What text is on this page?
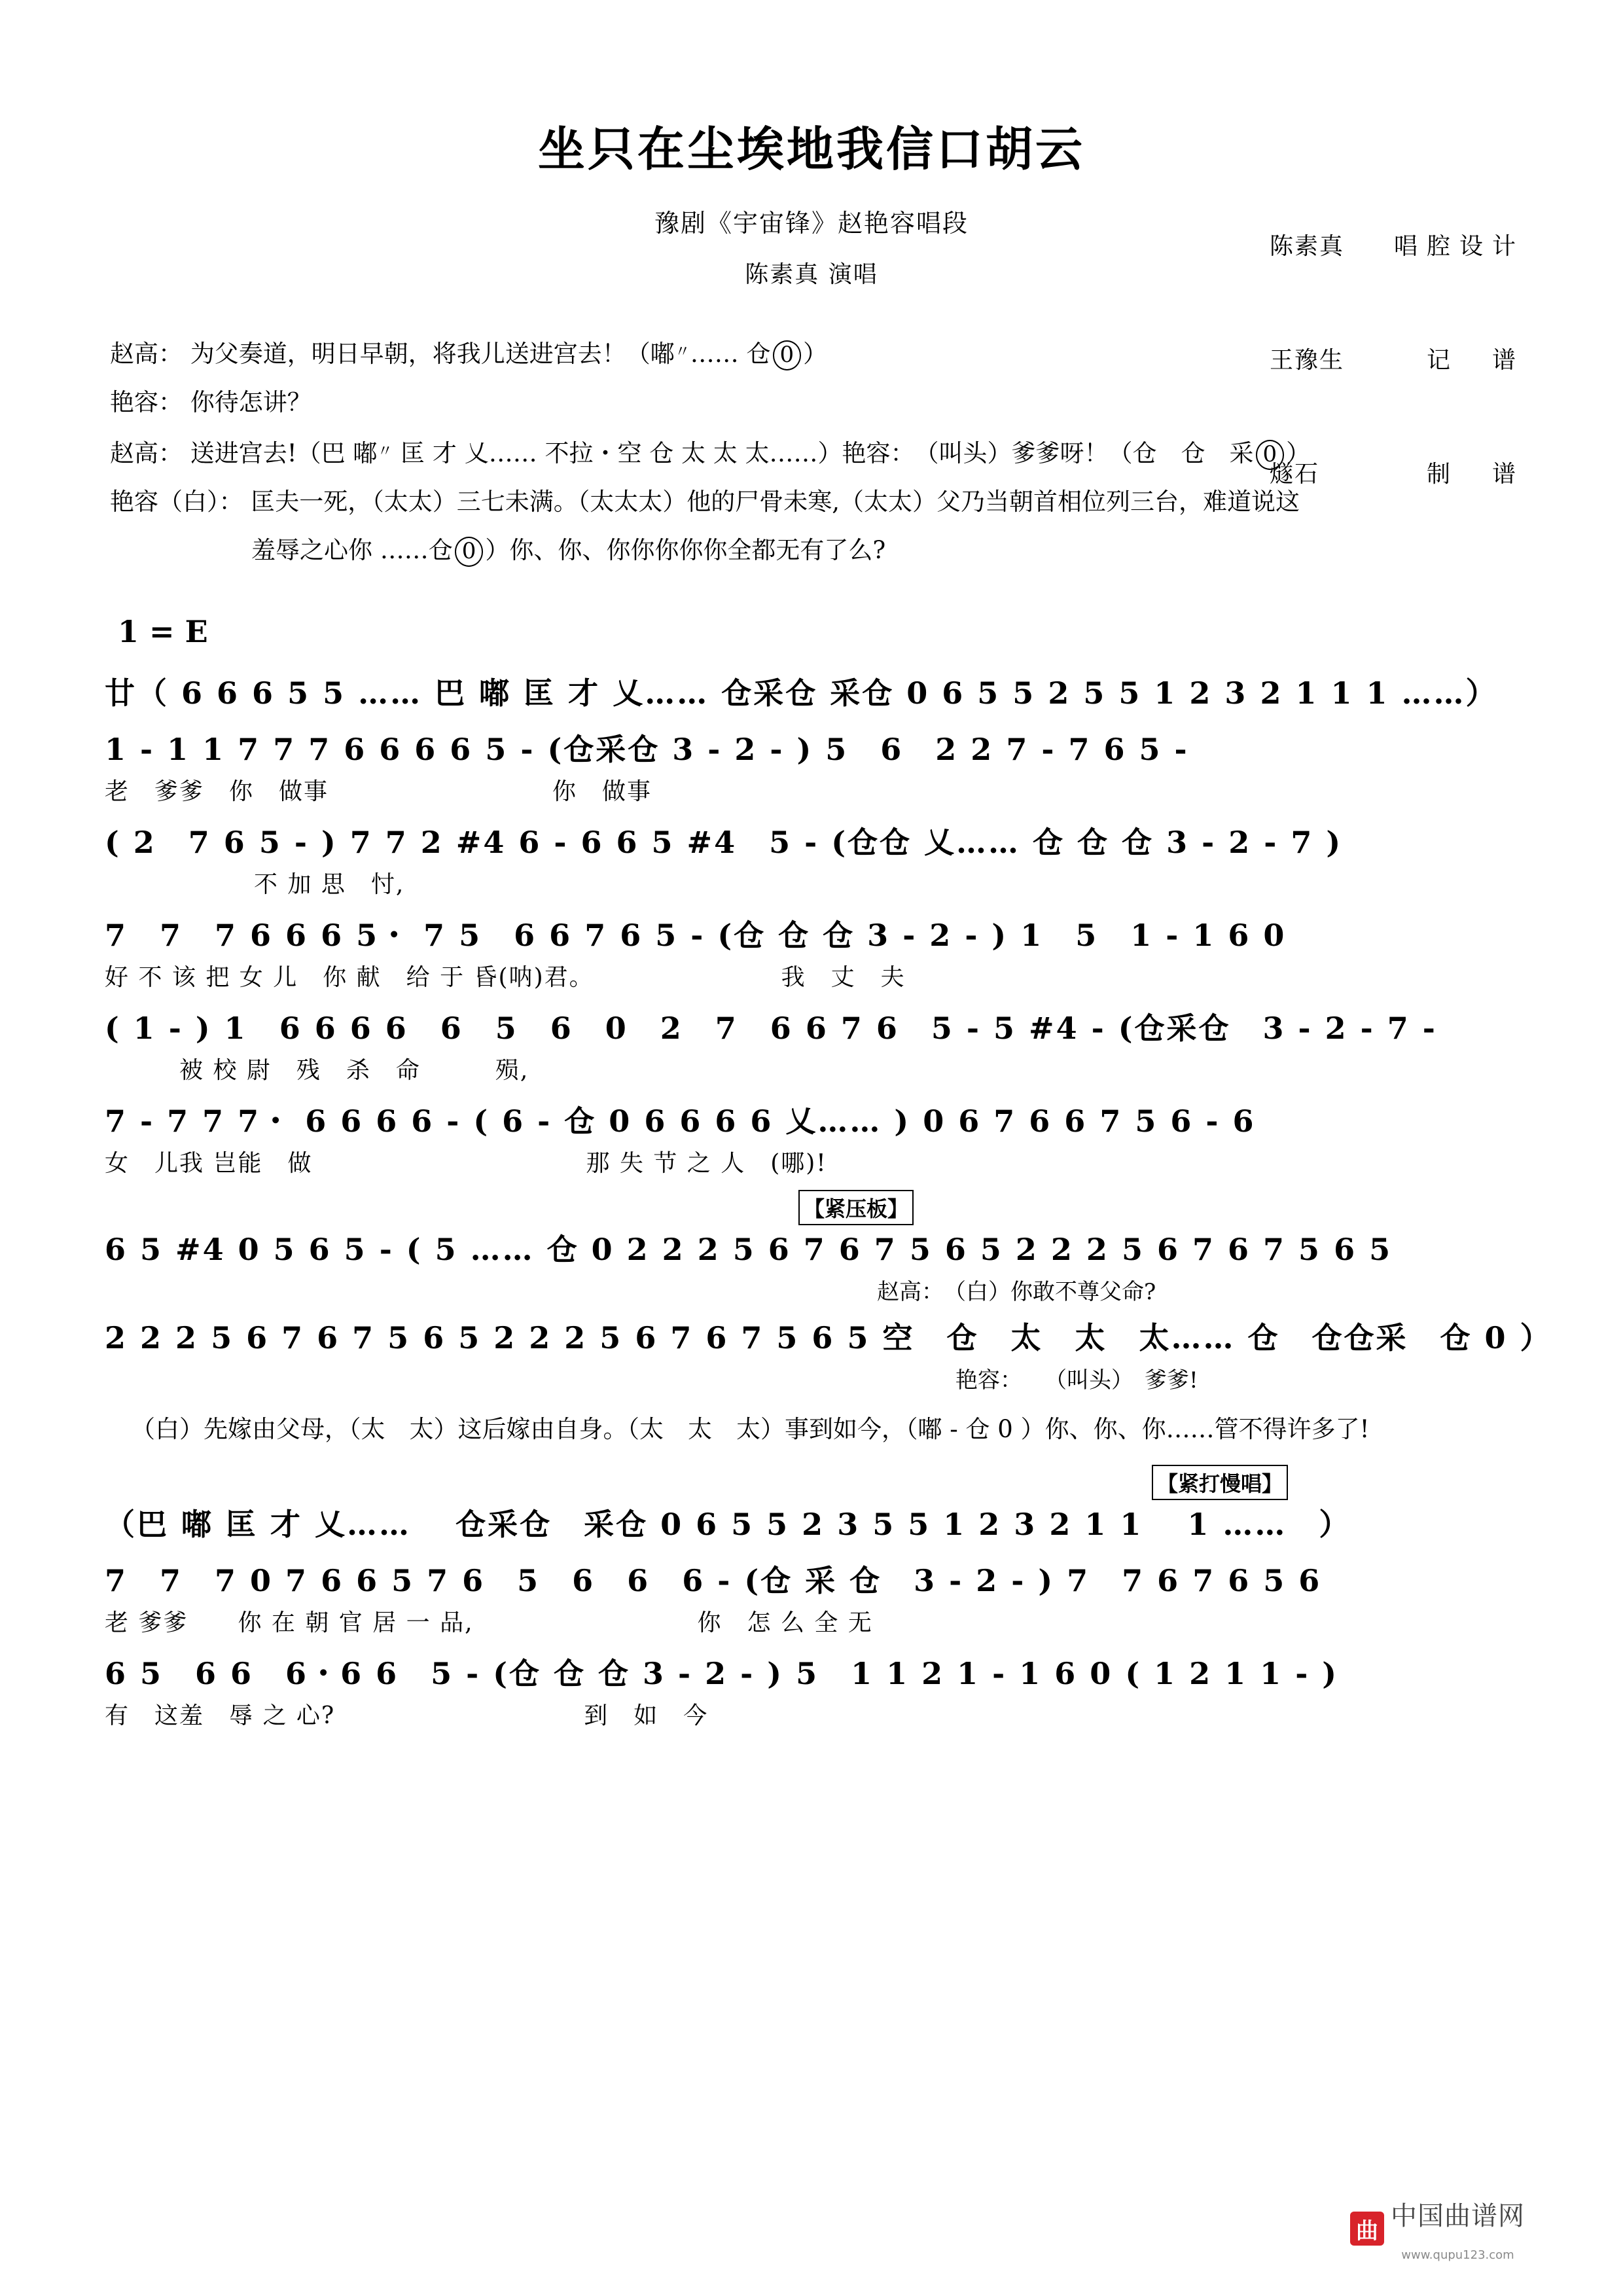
坐只在尘埃地我信口胡云
豫剧《宇宙锋》赵艳容唱段
陈素真 演唱

陈素真 唱腔设计

王豫生	记　谱

燧石	制　谱

赵高： 为父奏道，明日早朝，将我儿送进宫去！（嘟〃…… 仓 0 ）
艳容： 你待怎讲？
赵高： 送进宫去!（巴 嘟〃 匡 才 乂…… 不拉・空 仓 太 太 太……）艳容：　（叫头）爹爹呀！（仓　仓　采 0 ）
艳容（白）： 匡夫一死，（太太）三七未满。（太太太）他的尸骨未寒,（太太）父乃当朝首相位列三台，难道说这
羞辱之心你 ……仓 0 ）你、你、你你你你你全都无有了么?
1 = E
廿（ 6 6 6 5 5 …… 巴 嘟 匡 才 乂…… 仓采仓 采仓 0 6 5 5 2 5 5 1 2 3 2 1 1 1 ……）
1 - 1 1 7 7 7 6 6 6 6 5 - (仓采仓 3 - 2 - ) 5　6　2 2 7 - 7 6 5 -
老　爹爹　你　做事　　　　　　　　　你　做事
( 2　7 6 5 - ) 7 7 2 #4 6 - 6 6 5 #4　5 - (仓仓 乂…… 仓 仓 仓 3 - 2 - 7 )
　　　　　　不 加 思　忖,
7　7　7 6 6 6 5・ 7 5　6 6 7 6 5 - (仓 仓 仓 3 - 2 - ) 1　5　1 - 1 6 0
好 不 该 把 女 儿　你 献　给 于 昏(呐)君。　　　　　　　　我　丈　夫
( 1 - ) 1　6 6 6 6　6　5　6　0　2　7　6 6 7 6　5 - 5 #4 - (仓采仓　3 - 2 - 7 -
　　　被 校 尉　残　杀　命　　　殒,
7 - 7 7 7・ 6 6 6 6 - ( 6 - 仓 0 6 6 6 6 乂…… ) 0 6 7 6 6 7 5 6 - 6
女　儿我 岂能　做　　　　　　　　　　　那 失 节 之 人　(哪)!
【紧压板】
6 5 #4 0 5 6 5 - ( 5 …… 仓 0 2 2 2 5 6 7 6 7 5 6 5 2 2 2 5 6 7 6 7 5 6 5
赵高：　（白）你敢不尊父命?
2 2 2 5 6 7 6 7 5 6 5 2 2 2 5 6 7 6 7 5 6 5 空　仓　太　太　太…… 仓　仓仓采　仓 0 ）
艳容：　　（叫头）　爹爹!
（白）先嫁由父母，（太　太）这后嫁由自身。（太　太　太）事到如今，（嘟 - 仓 0 ）你、你、你……管不得许多了!
【紧打慢唱】
（巴 嘟 匡 才 乂…… 　仓采仓　采仓 0 6 5 5 2 3 5 5 1 2 3 2 1 1 　1 ……　）
7　7　7 0 7 6 6 5 7 6　5　6　6　6 - (仓 采 仓　3 - 2 - ) 7　7 6 7 6 5 6
老 爹爹　　你 在 朝 官 居 一 品,　　　　　　　　　你　怎 么 全 无
6 5　6 6　6・6 6　5 - (仓 仓 仓 3 - 2 - ) 5　1 1 2 1 - 1 6 0 ( 1 2 1 1 - )
有　这羞　辱 之 心?　　　　　　　　　　到　如　今
曲 中国曲谱网
www.qupu123.com
